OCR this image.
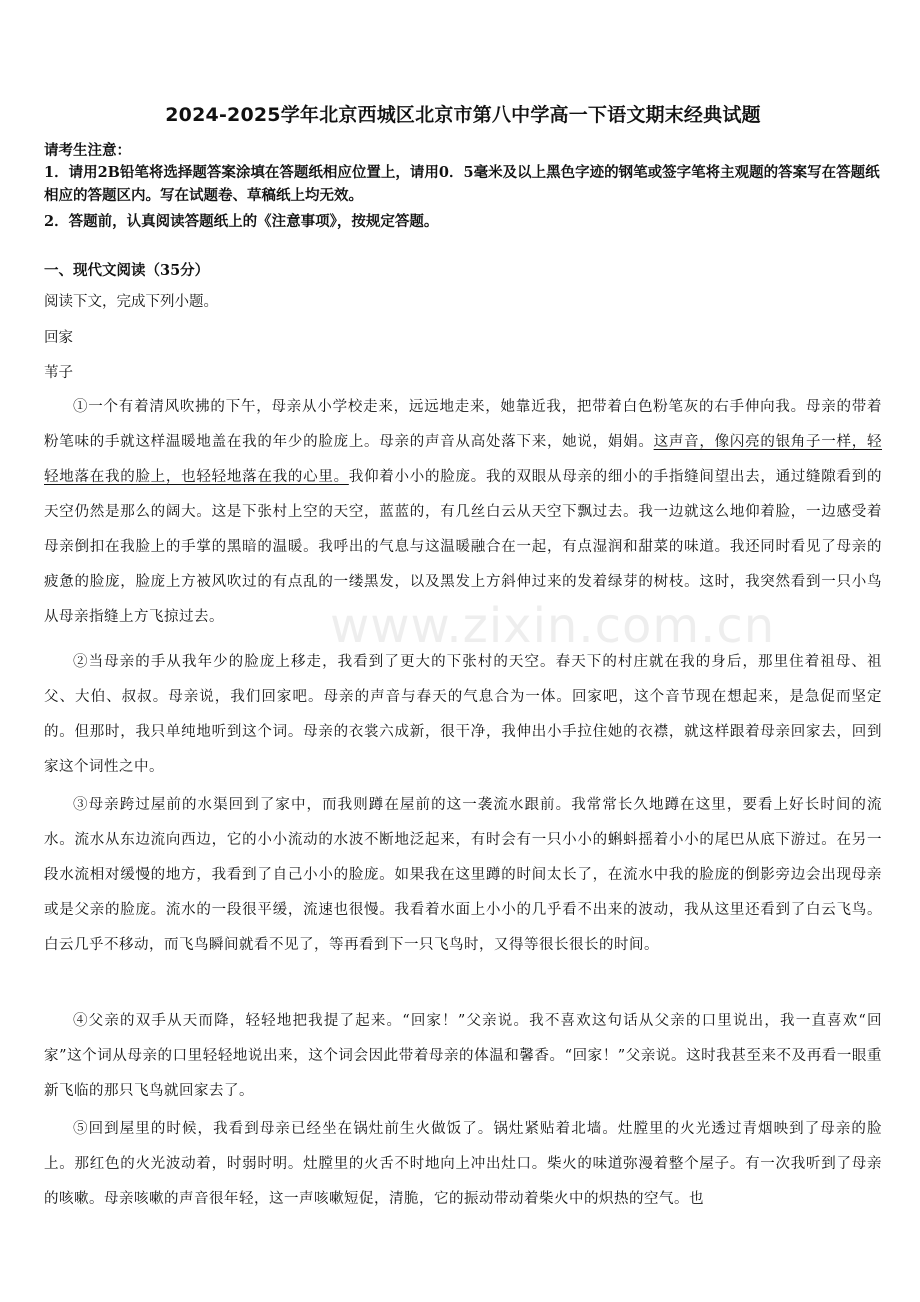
2024-2025学年北京西城区北京市第八中学高一下语文期末经典试题
请考生注意：
1．请用2B铅笔将选择题答案涂填在答题纸相应位置上，请用0．5毫米及以上黑色字迹的钢笔或签字笔将主观题的答案写在答题纸相应的答题区内。写在试题卷、草稿纸上均无效。
2．答题前，认真阅读答题纸上的《注意事项》，按规定答题。
一、现代文阅读（35分）
阅读下文，完成下列小题。
回家
苇子
①一个有着清风吹拂的下午，母亲从小学校走来，远远地走来，她靠近我，把带着白色粉笔灰的右手伸向我。母亲的带着粉笔味的手就这样温暖地盖在我的年少的脸庞上。母亲的声音从高处落下来，她说，娟娟。这声音，像闪亮的银角子一样，轻轻地落在我的脸上，也轻轻地落在我的心里。我仰着小小的脸庞。我的双眼从母亲的细小的手指缝间望出去，通过缝隙看到的天空仍然是那么的阔大。这是下张村上空的天空，蓝蓝的，有几丝白云从天空下飘过去。我一边就这么地仰着脸，一边感受着母亲倒扣在我脸上的手掌的黑暗的温暖。我呼出的气息与这温暖融合在一起，有点湿润和甜菜的味道。我还同时看见了母亲的疲惫的脸庞，脸庞上方被风吹过的有点乱的一缕黑发，以及黑发上方斜伸过来的发着绿芽的树枝。这时，我突然看到一只小鸟从母亲指缝上方飞掠过去。
②当母亲的手从我年少的脸庞上移走，我看到了更大的下张村的天空。春天下的村庄就在我的身后，那里住着祖母、祖父、大伯、叔叔。母亲说，我们回家吧。母亲的声音与春天的气息合为一体。回家吧，这个音节现在想起来，是急促而坚定的。但那时，我只单纯地听到这个词。母亲的衣裳六成新，很干净，我伸出小手拉住她的衣襟，就这样跟着母亲回家去，回到家这个词性之中。
③母亲跨过屋前的水渠回到了家中，而我则蹲在屋前的这一袭流水跟前。我常常长久地蹲在这里，要看上好长时间的流水。流水从东边流向西边，它的小小流动的水波不断地泛起来，有时会有一只小小的蝌蚪摇着小小的尾巴从底下游过。在另一段水流相对缓慢的地方，我看到了自己小小的脸庞。如果我在这里蹲的时间太长了，在流水中我的脸庞的倒影旁边会出现母亲或是父亲的脸庞。流水的一段很平缓，流速也很慢。我看着水面上小小的几乎看不出来的波动，我从这里还看到了白云飞鸟。白云几乎不移动，而飞鸟瞬间就看不见了，等再看到下一只飞鸟时，又得等很长很长的时间。
④父亲的双手从天而降，轻轻地把我提了起来。“回家！”父亲说。我不喜欢这句话从父亲的口里说出，我一直喜欢“回家”这个词从母亲的口里轻轻地说出来，这个词会因此带着母亲的体温和馨香。“回家！”父亲说。这时我甚至来不及再看一眼重新飞临的那只飞鸟就回家去了。
⑤回到屋里的时候，我看到母亲已经坐在锅灶前生火做饭了。锅灶紧贴着北墙。灶膛里的火光透过青烟映到了母亲的脸上。那红色的火光波动着，时弱时明。灶膛里的火舌不时地向上冲出灶口。柴火的味道弥漫着整个屋子。有一次我听到了母亲的咳嗽。母亲咳嗽的声音很年轻，这一声咳嗽短促，清脆，它的振动带动着柴火中的炽热的空气。也
www.zixin.com.cn
